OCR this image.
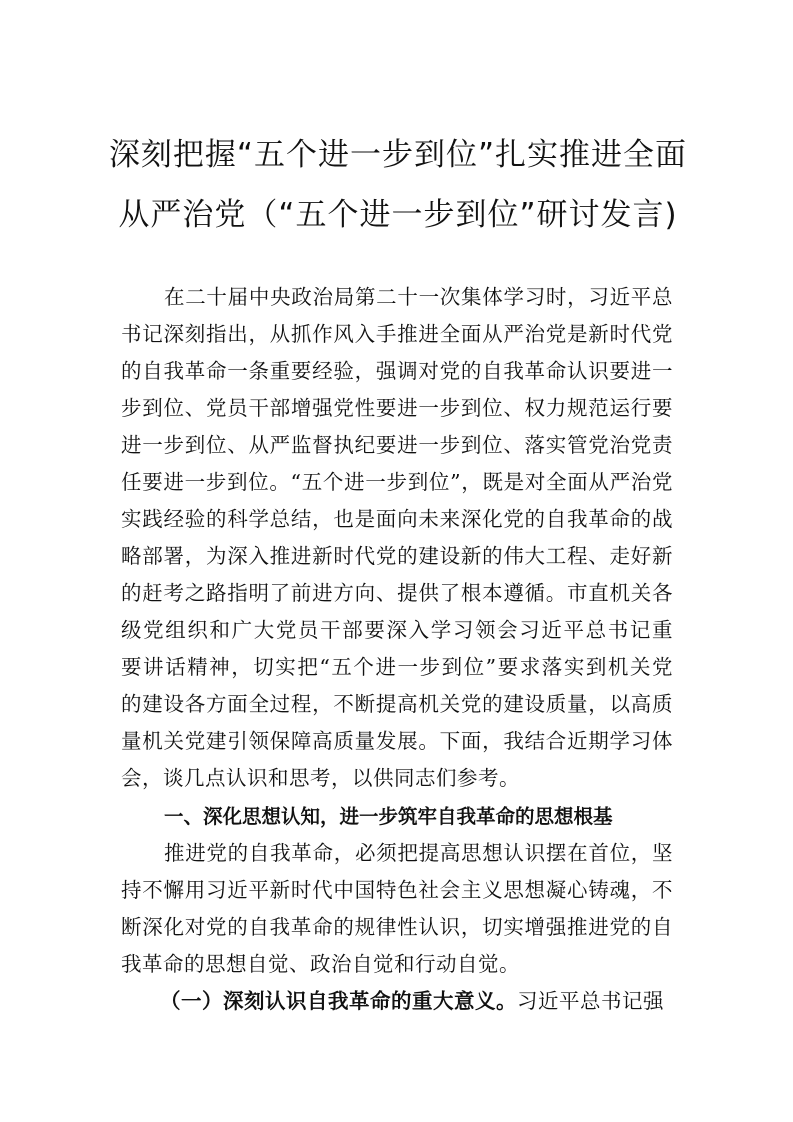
深刻把握“五个进一步到位”扎实推进全面
从严治党（“五个进一步到位”研讨发言)
在二十届中央政治局第二十一次集体学习时，习近平总
书记深刻指出，从抓作风入手推进全面从严治党是新时代党
的自我革命一条重要经验，强调对党的自我革命认识要进一
步到位、党员干部增强党性要进一步到位、权力规范运行要
进一步到位、从严监督执纪要进一步到位、落实管党治党责
任要进一步到位。“五个进一步到位”，既是对全面从严治党
实践经验的科学总结，也是面向未来深化党的自我革命的战
略部署，为深入推进新时代党的建设新的伟大工程、走好新
的赶考之路指明了前进方向、提供了根本遵循。市直机关各
级党组织和广大党员干部要深入学习领会习近平总书记重
要讲话精神，切实把“五个进一步到位”要求落实到机关党
的建设各方面全过程，不断提高机关党的建设质量，以高质
量机关党建引领保障高质量发展。下面，我结合近期学习体
会，谈几点认识和思考，以供同志们参考。
一、深化思想认知，进一步筑牢自我革命的思想根基
推进党的自我革命，必须把提高思想认识摆在首位，坚
持不懈用习近平新时代中国特色社会主义思想凝心铸魂，不
断深化对党的自我革命的规律性认识，切实增强推进党的自
我革命的思想自觉、政治自觉和行动自觉。
（一）深刻认识自我革命的重大意义。习近平总书记强
